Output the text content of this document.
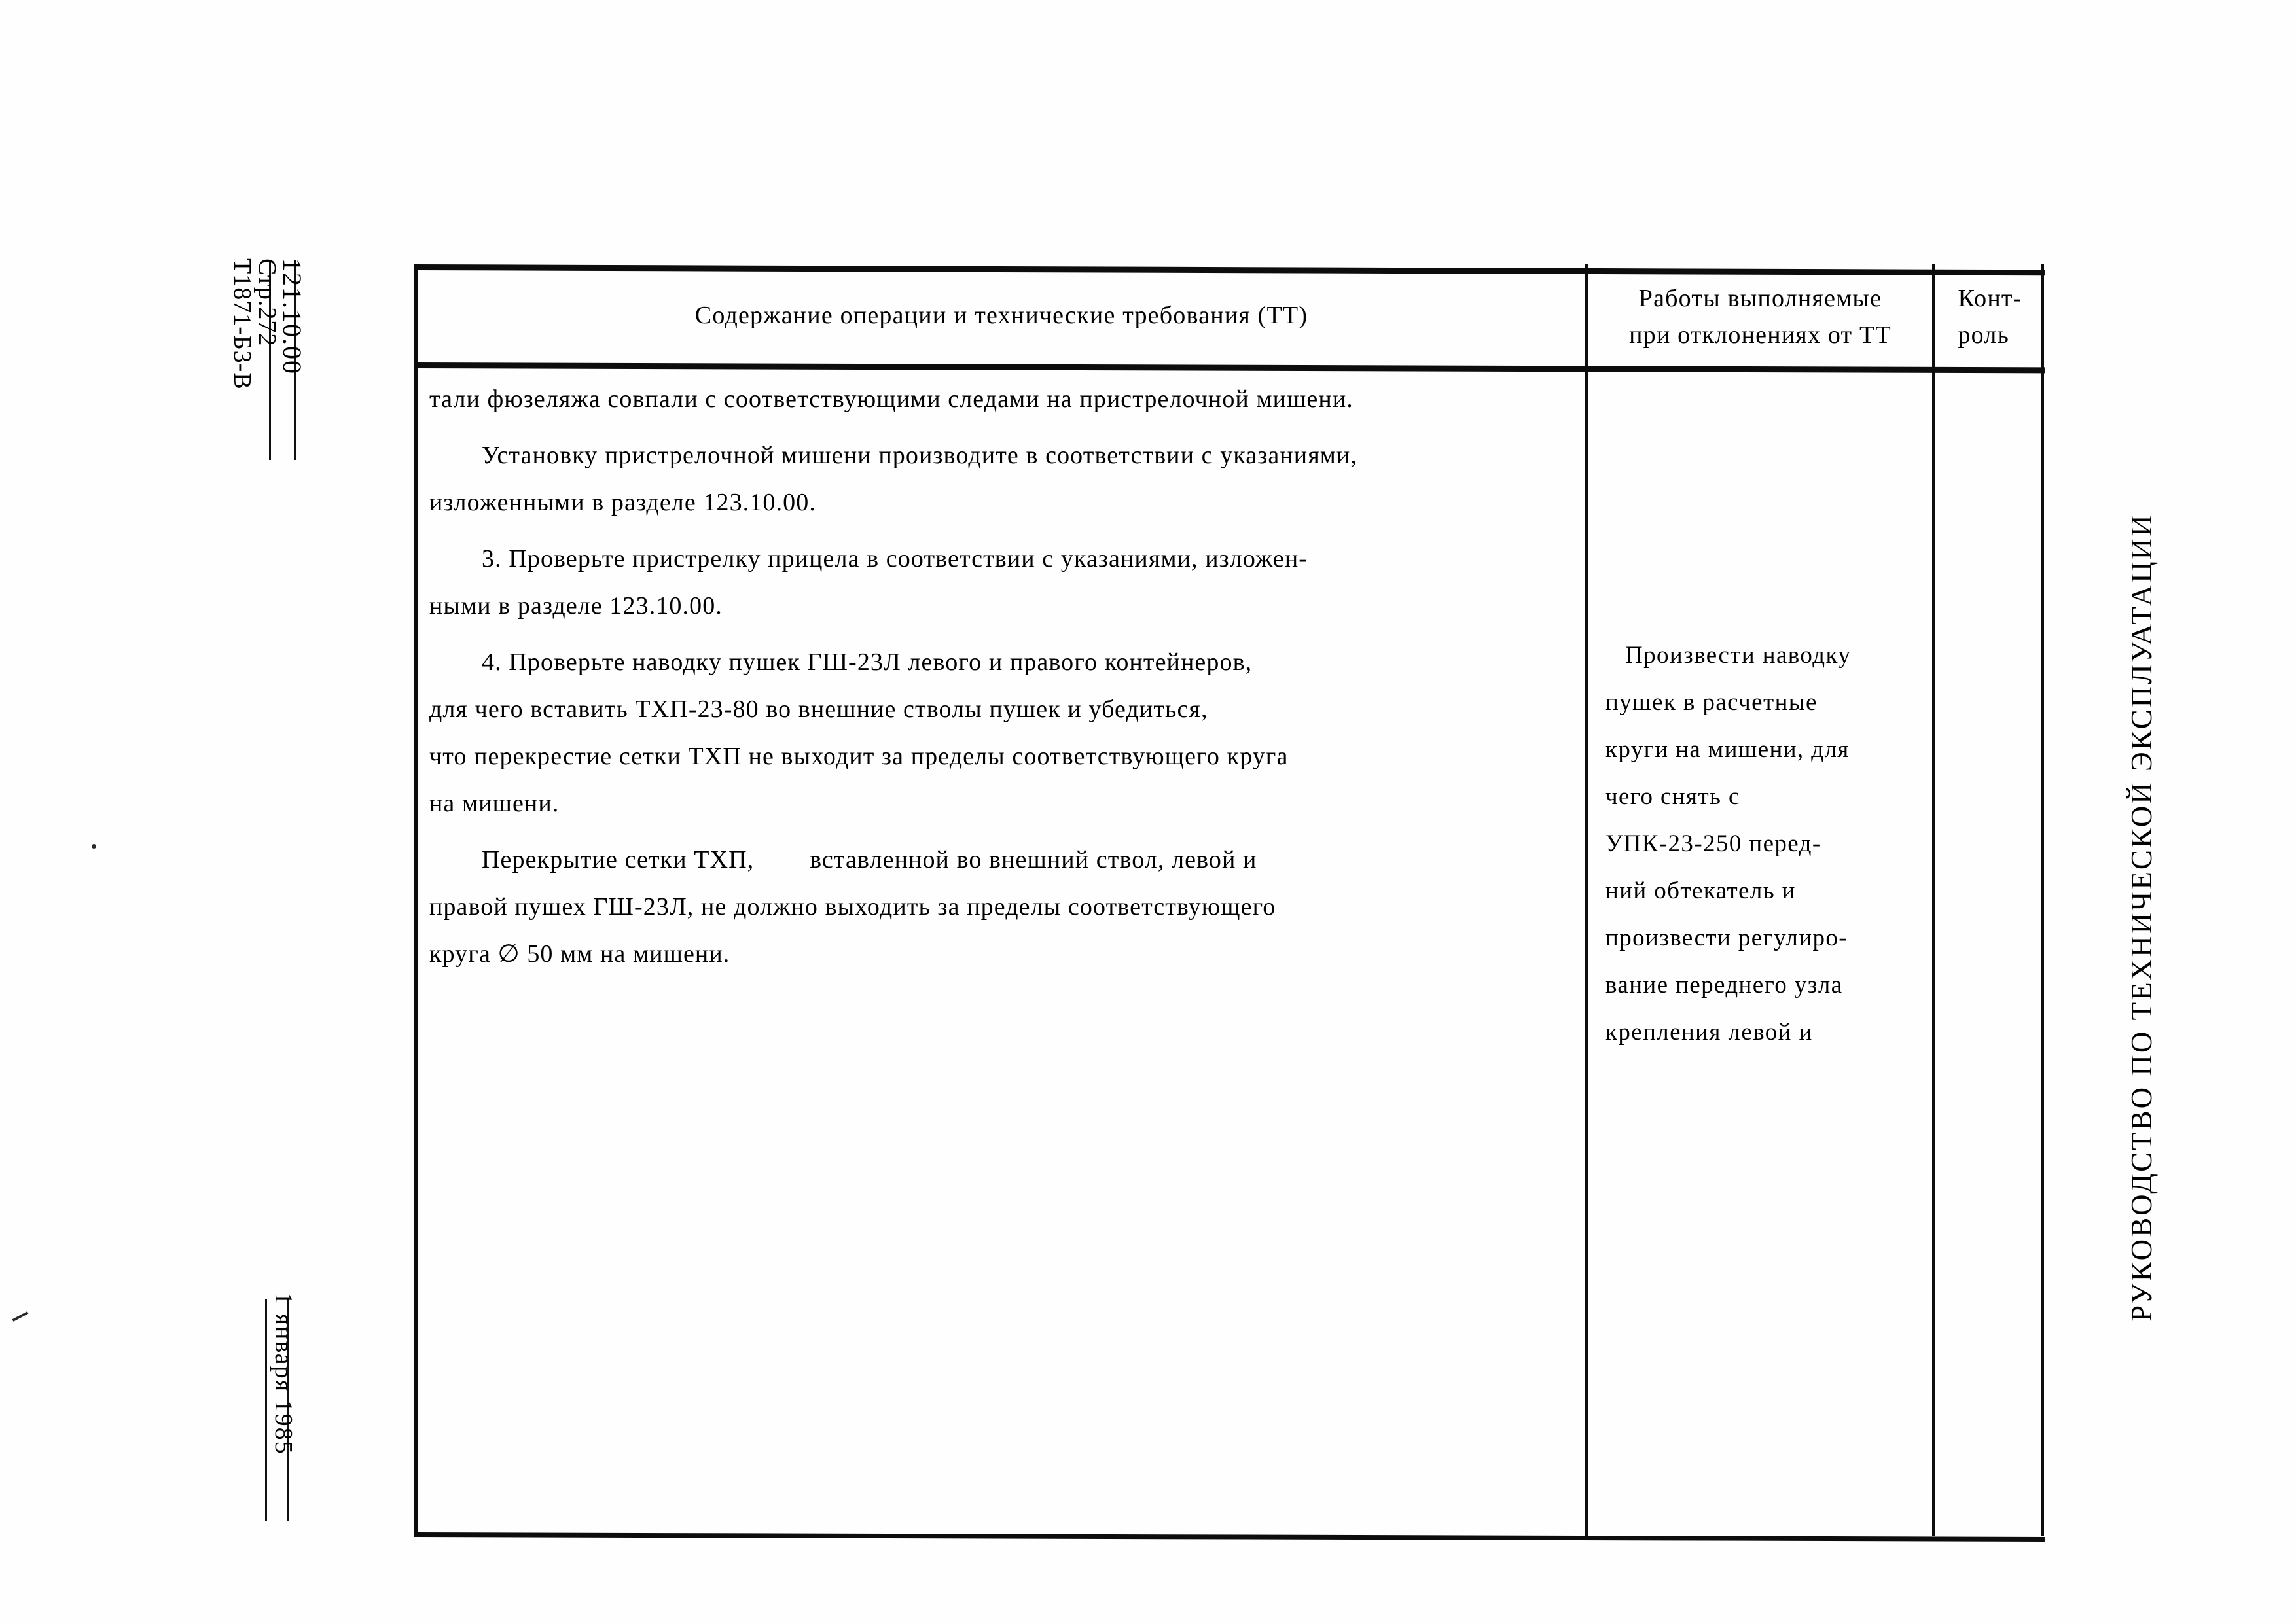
121.10.00
Стр.272
Т1871-Б3-В
1 января 1985
РУКОВОДСТВО ПО ТЕХНИЧЕСКОЙ ЭКСПЛУАТАЦИИ
Содержание операции и технические требования (ТТ)
Работы выполняемые
при отклонениях от ТТ
Конт-
роль
тали фюзеляжа совпали с соответствующими следами на пристрелочной мишени.
Установку пристрелочной мишени производите в соответствии с указаниями,
изложенными в разделе 123.10.00.
3. Проверьте пристрелку прицела в соответствии с указаниями, изложен-
ными в разделе 123.10.00.
4. Проверьте наводку пушек ГШ-23Л левого и правого контейнеров,
для чего вставить ТХП-23-80 во внешние стволы пушек и убедиться,
что перекрестие сетки ТХП не выходит за пределы соответствующего круга
на мишени.
Перекрытие сетки ТХП,        вставленной во внешний ствол, левой и
правой пушех ГШ-23Л, не должно выходить за пределы соответствующего
круга ∅ 50 мм на мишени.
Произвести наводку
пушек в расчетные
круги на мишени, для
чего снять с
УПК-23-250 перед-
ний обтекатель и
произвести регулиро-
вание переднего узла
крепления левой и
